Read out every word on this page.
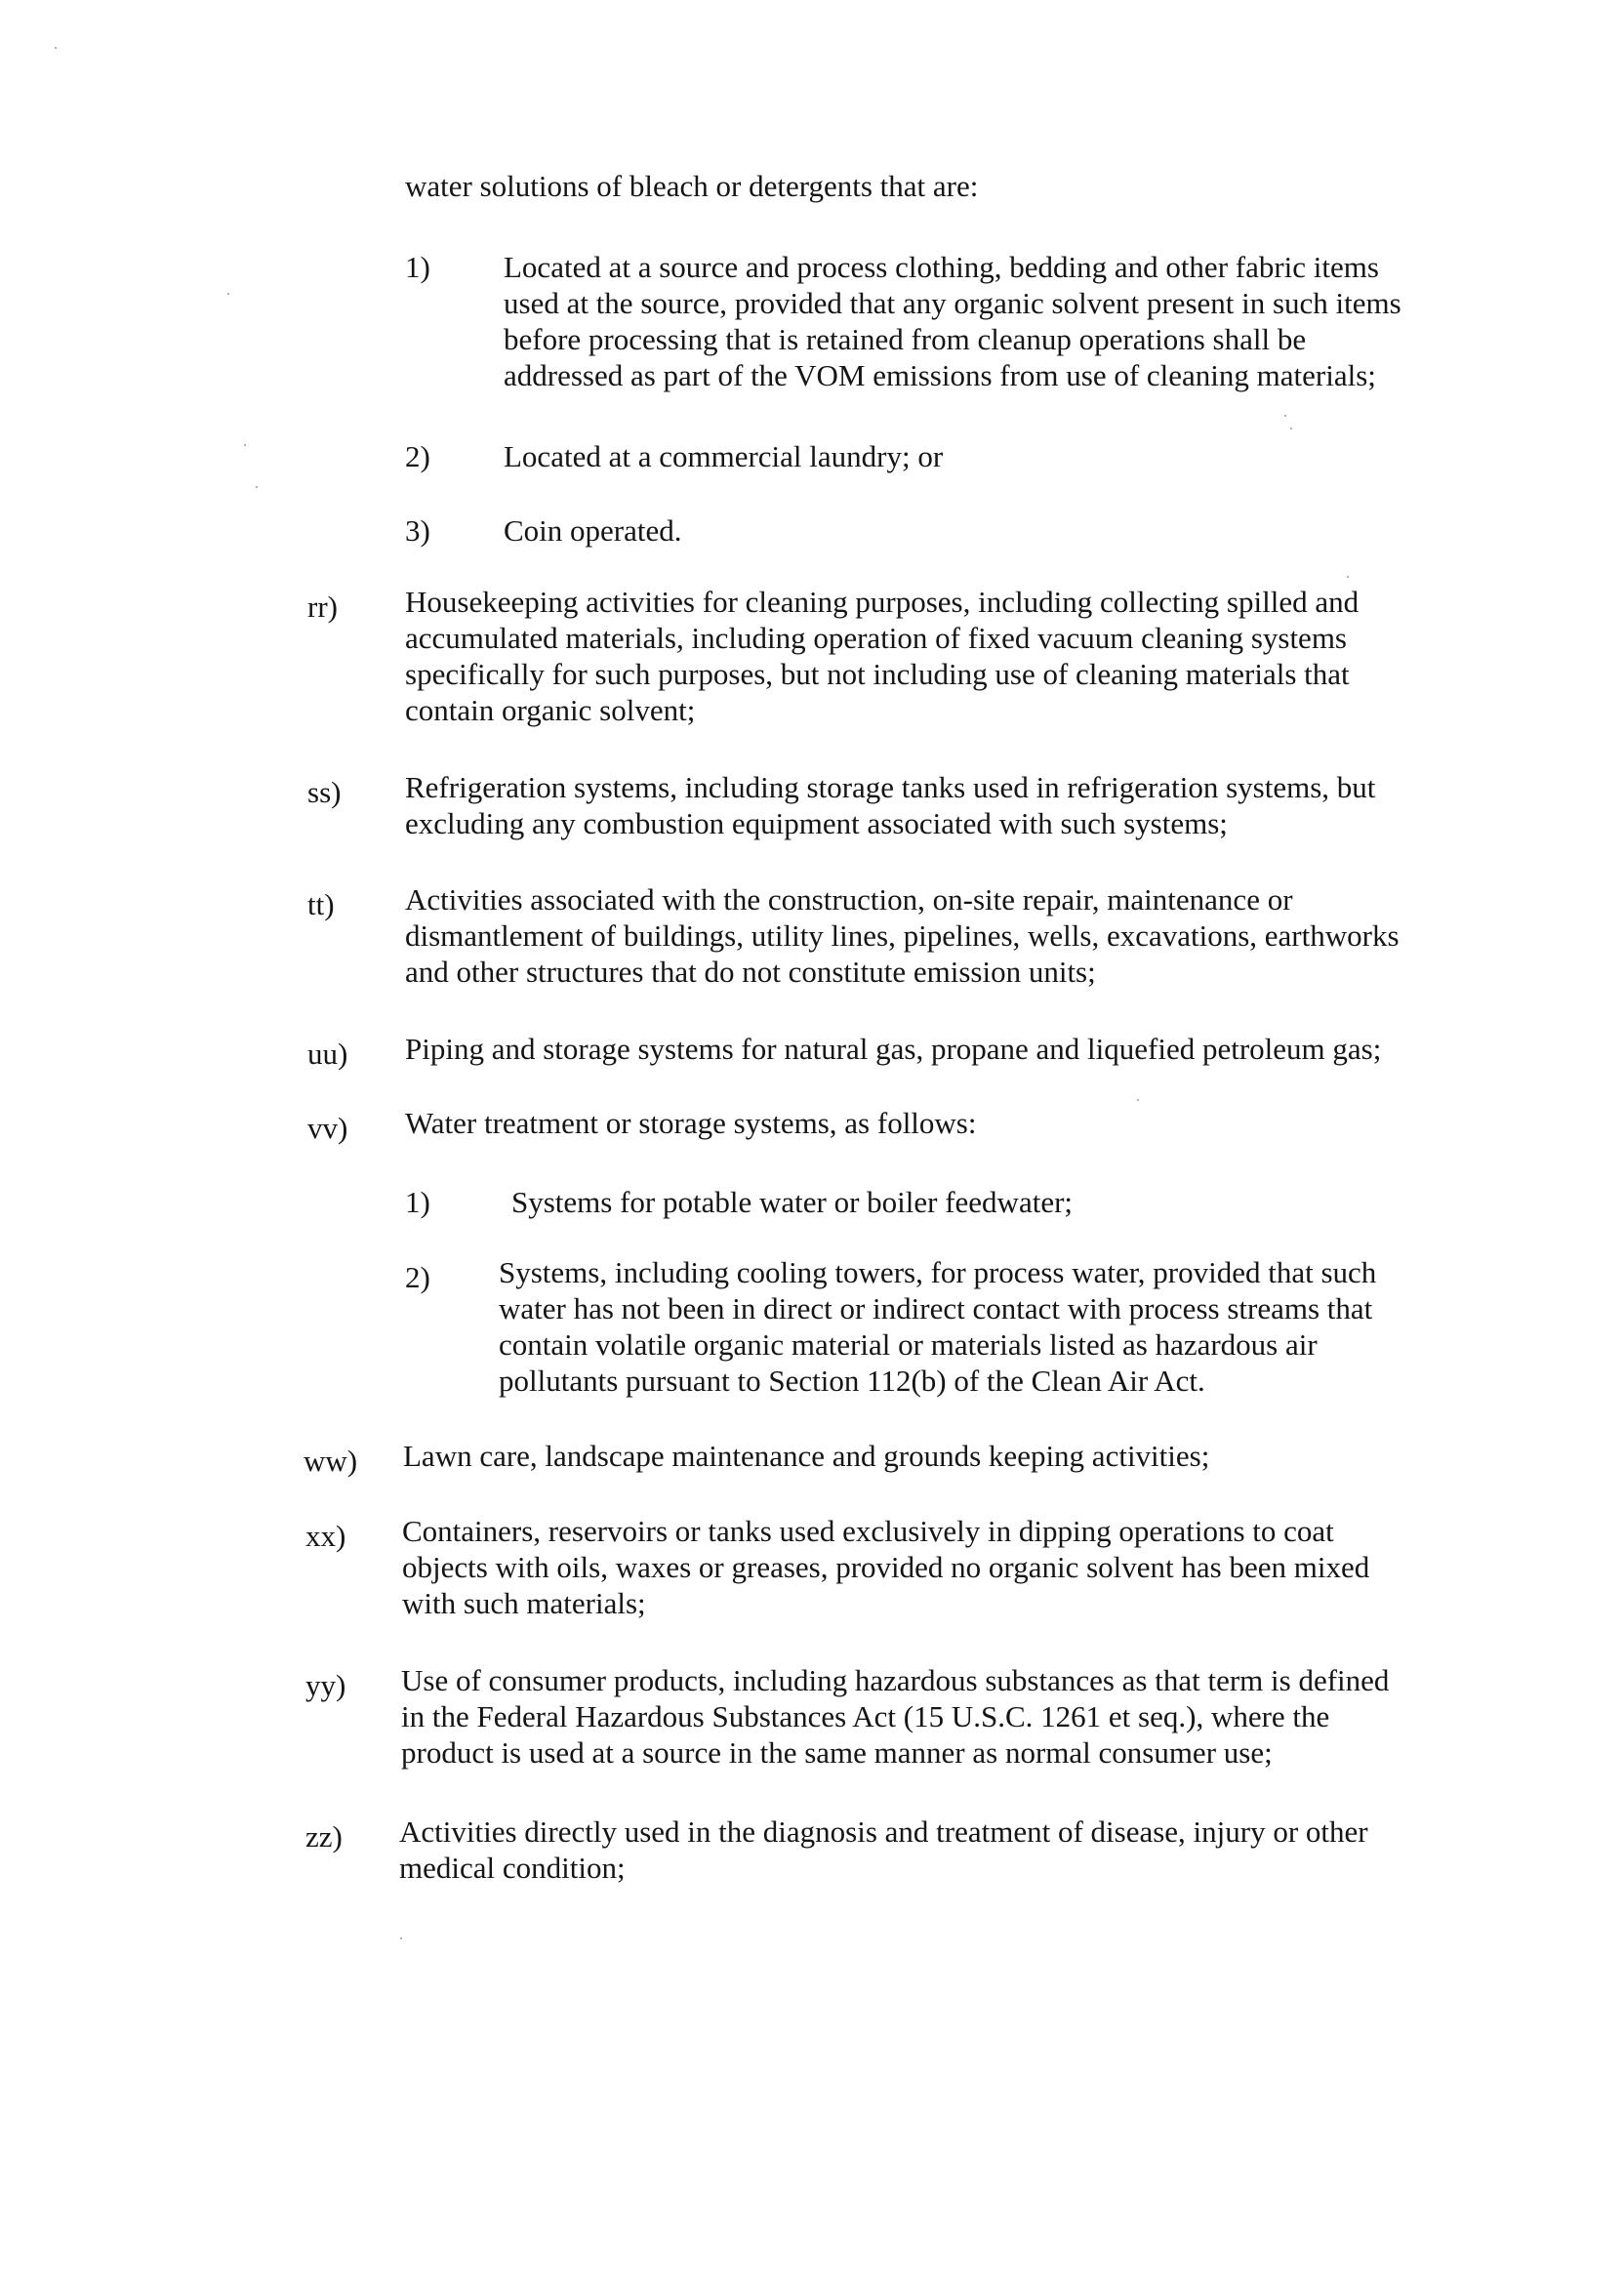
water solutions of bleach or detergents that are:
1) Located at a source and process clothing, bedding and other fabric items
used at the source, provided that any organic solvent present in such items
before processing that is retained from cleanup operations shall be
addressed as part of the VOM emissions from use of cleaning materials;
2) Located at a commercial laundry; or
3) Coin operated.
rr) Housekeeping activities for cleaning purposes, including collecting spilled and
accumulated materials, including operation of fixed vacuum cleaning systems
specifically for such purposes, but not including use of cleaning materials that
contain organic solvent;
ss) Refrigeration systems, including storage tanks used in refrigeration systems, but
excluding any combustion equipment associated with such systems;
tt) Activities associated with the construction, on-site repair, maintenance or
dismantlement of buildings, utility lines, pipelines, wells, excavations, earthworks
and other structures that do not constitute emission units;
uu) Piping and storage systems for natural gas, propane and liquefied petroleum gas;
vv) Water treatment or storage systems, as follows:
1)	Systems for potable water or boiler feedwater;
2) Systems, including cooling towers, for process water, provided that such
water has not been in direct or indirect contact with process streams that
contain volatile organic material or materials listed as hazardous air
pollutants pursuant to Section 112(b) of the Clean Air Act.
ww) Lawn care, landscape maintenance and grounds keeping activities;
xx) Containers, reservoirs or tanks used exclusively in dipping operations to coat
objects with oils, waxes or greases, provided no organic solvent has been mixed
with such materials;
yy) Use of consumer products, including hazardous substances as that term is defined
in the Federal Hazardous Substances Act (15 U.S.C. 1261 et seq.), where the
product is used at a source in the same manner as normal consumer use;
zz) Activities directly used in the diagnosis and treatment of disease, injury or other
medical condition;
